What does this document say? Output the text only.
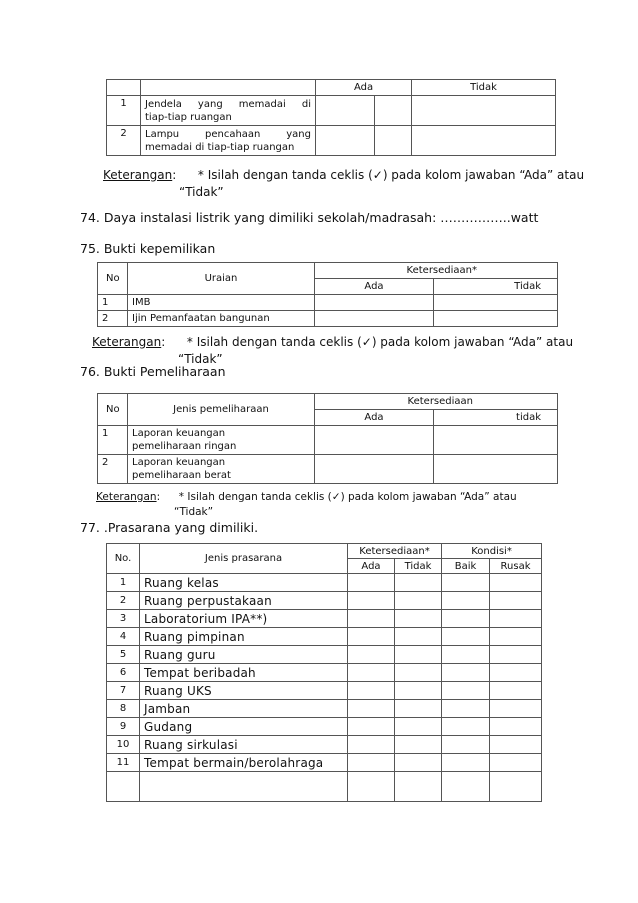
		Ada		Tidak
1	Jendela yang memadai di
tiap-tiap ruangan			

2	Lampu pencahaan yang
memadai di tiap-tiap ruangan			

Keterangan: * Isilah dengan tanda ceklis (✓) pada kolom jawaban “Ada” atau
“Tidak”
74. Daya instalasi listrik yang dimiliki sekolah/madrasah: ……………..watt
75. Bukti kepemilikan
No	Uraian	Ketersediaan*	
		Ada	Tidak
1	IMB		
2	Ijin Pemanfaatan bangunan		
Keterangan: * Isilah dengan tanda ceklis (✓) pada kolom jawaban “Ada” atau
“Tidak”
76. Bukti Pemeliharaan
No	Jenis pemeliharaan	Ketersediaan	
		Ada	tidak
1	Laporan keuangan
pemeliharaan ringan		

2	Laporan keuangan
pemeliharaan berat		

Keterangan: * Isilah dengan tanda ceklis (✓) pada kolom jawaban “Ada” atau
“Tidak”
77. .Prasarana yang dimiliki.
No.	Jenis prasarana	Ketersediaan*		Kondisi*	
		Ada	Tidak	Baik	Rusak
1	Ruang kelas				
2	Ruang perpustakaan				
3	Laboratorium IPA**)				
4	Ruang pimpinan				
5	Ruang guru				
6	Tempat beribadah				
7	Ruang UKS				
8	Jamban				
9	Gudang				
10	Ruang sirkulasi				
11	Tempat bermain/berolahraga				
